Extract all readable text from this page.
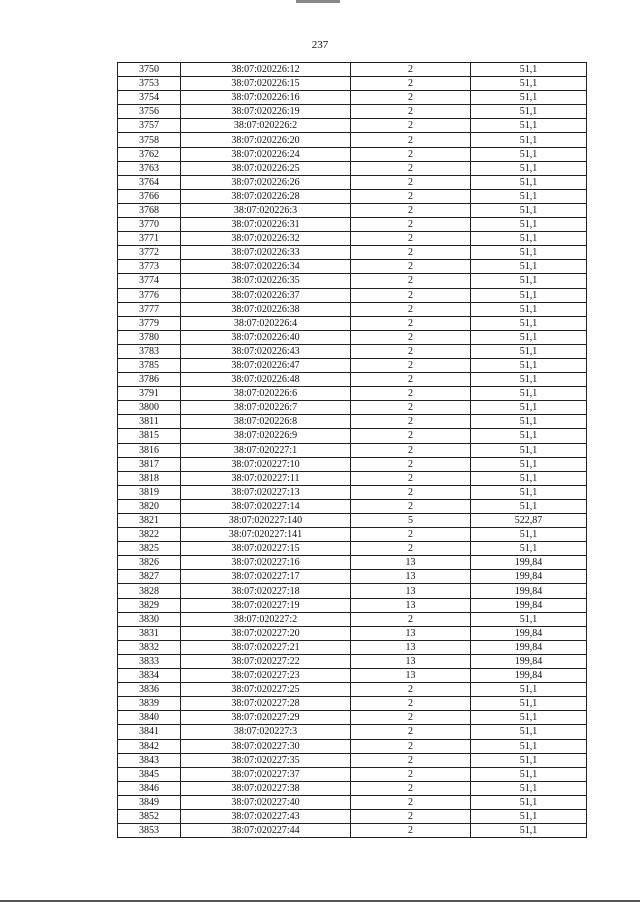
237
3750	38:07:020226:12	2	51,1
3753	38:07:020226:15	2	51,1
3754	38:07:020226:16	2	51,1
3756	38:07:020226:19	2	51,1
3757	38:07:020226:2	2	51,1
3758	38:07:020226:20	2	51,1
3762	38:07:020226:24	2	51,1
3763	38:07:020226:25	2	51,1
3764	38:07:020226:26	2	51,1
3766	38:07:020226:28	2	51,1
3768	38:07:020226:3	2	51,1
3770	38:07:020226:31	2	51,1
3771	38:07:020226:32	2	51,1
3772	38:07:020226:33	2	51,1
3773	38:07:020226:34	2	51,1
3774	38:07:020226:35	2	51,1
3776	38:07:020226:37	2	51,1
3777	38:07:020226:38	2	51,1
3779	38:07:020226:4	2	51,1
3780	38:07:020226:40	2	51,1
3783	38:07:020226:43	2	51,1
3785	38:07:020226:47	2	51,1
3786	38:07:020226:48	2	51,1
3791	38:07:020226:6	2	51,1
3800	38:07:020226:7	2	51,1
3811	38:07:020226:8	2	51,1
3815	38:07:020226:9	2	51,1
3816	38:07:020227:1	2	51,1
3817	38:07:020227:10	2	51,1
3818	38:07:020227:11	2	51,1
3819	38:07:020227:13	2	51,1
3820	38:07:020227:14	2	51,1
3821	38:07:020227:140	5	522,87
3822	38:07:020227:141	2	51,1
3825	38:07:020227:15	2	51,1
3826	38:07:020227:16	13	199,84
3827	38:07:020227:17	13	199,84
3828	38:07:020227:18	13	199,84
3829	38:07:020227:19	13	199,84
3830	38:07:020227:2	2	51,1
3831	38:07:020227:20	13	199,84
3832	38:07:020227:21	13	199,84
3833	38:07:020227:22	13	199,84
3834	38:07:020227:23	13	199,84
3836	38:07:020227:25	2	51,1
3839	38:07:020227:28	2	51,1
3840	38:07:020227:29	2	51,1
3841	38:07:020227:3	2	51,1
3842	38:07:020227:30	2	51,1
3843	38:07:020227:35	2	51,1
3845	38:07:020227:37	2	51,1
3846	38:07:020227:38	2	51,1
3849	38:07:020227:40	2	51,1
3852	38:07:020227:43	2	51,1
3853	38:07:020227:44	2	51,1
